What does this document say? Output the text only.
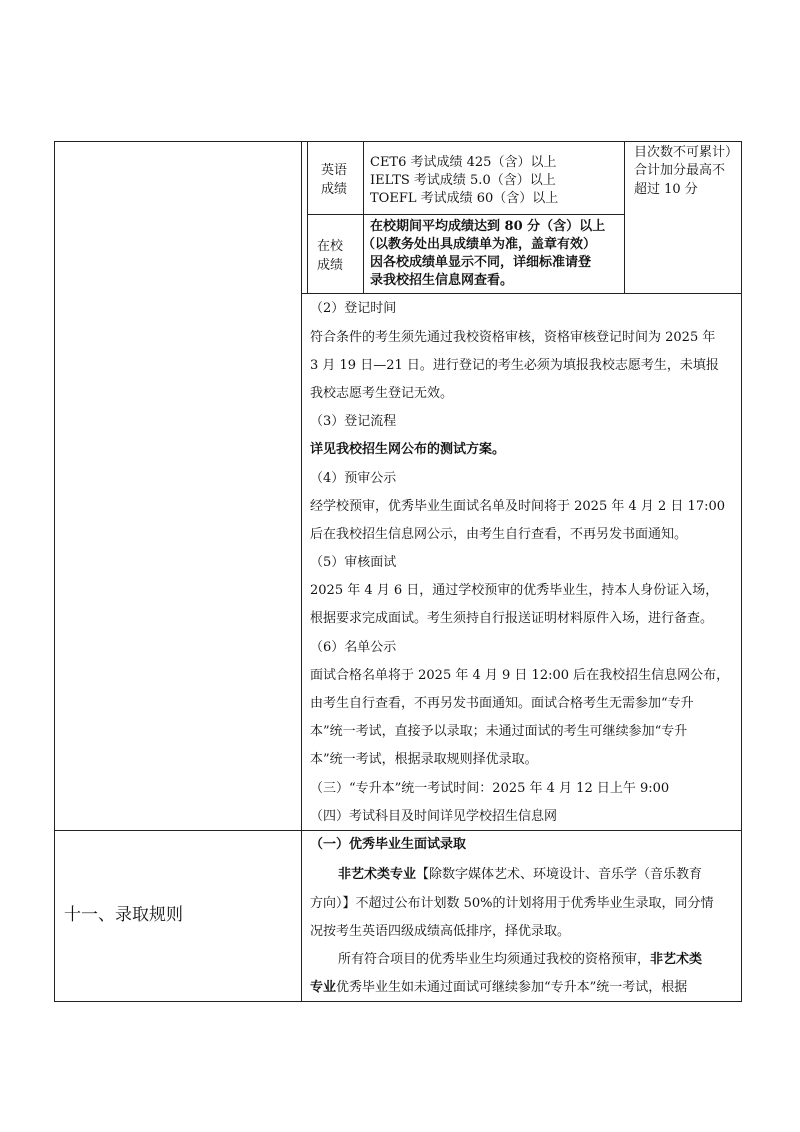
英语
成绩
CET6 考试成绩 425（含）以上
IELTS 考试成绩 5.0（含）以上
TOEFL 考试成绩 60（含）以上
目次数不可累计）
合计加分最高不
超过 10 分
在校
成绩
在校期间平均成绩达到 80 分（含）以上
（以教务处出具成绩单为准，盖章有效）
因各校成绩单显示不同，详细标准请登
录我校招生信息网查看。
（2）登记时间
符合条件的考生须先通过我校资格审核，资格审核登记时间为 2025 年
3 月 19 日—21 日。进行登记的考生必须为填报我校志愿考生，未填报
我校志愿考生登记无效。
（3）登记流程
详见我校招生网公布的测试方案。
（4）预审公示
经学校预审，优秀毕业生面试名单及时间将于 2025 年 4 月 2 日 17:00
后在我校招生信息网公示，由考生自行查看，不再另发书面通知。
（5）审核面试
2025 年 4 月 6 日，通过学校预审的优秀毕业生，持本人身份证入场，
根据要求完成面试。考生须持自行报送证明材料原件入场，进行备查。
（6）名单公示
面试合格名单将于 2025 年 4 月 9 日 12:00 后在我校招生信息网公布，
由考生自行查看，不再另发书面通知。面试合格考生无需参加“专升
本”统一考试，直接予以录取；未通过面试的考生可继续参加“专升
本”统一考试，根据录取规则择优录取。
（三）“专升本”统一考试时间：2025 年 4 月 12 日上午 9:00
（四）考试科目及时间详见学校招生信息网
十一、录取规则
（一）优秀毕业生面试录取
非艺术类专业【除数字媒体艺术、环境设计、音乐学（音乐教育
方向）】不超过公布计划数 50%的计划将用于优秀毕业生录取，同分情
况按考生英语四级成绩高低排序，择优录取。
所有符合项目的优秀毕业生均须通过我校的资格预审，非艺术类
专业优秀毕业生如未通过面试可继续参加“专升本”统一考试，根据
